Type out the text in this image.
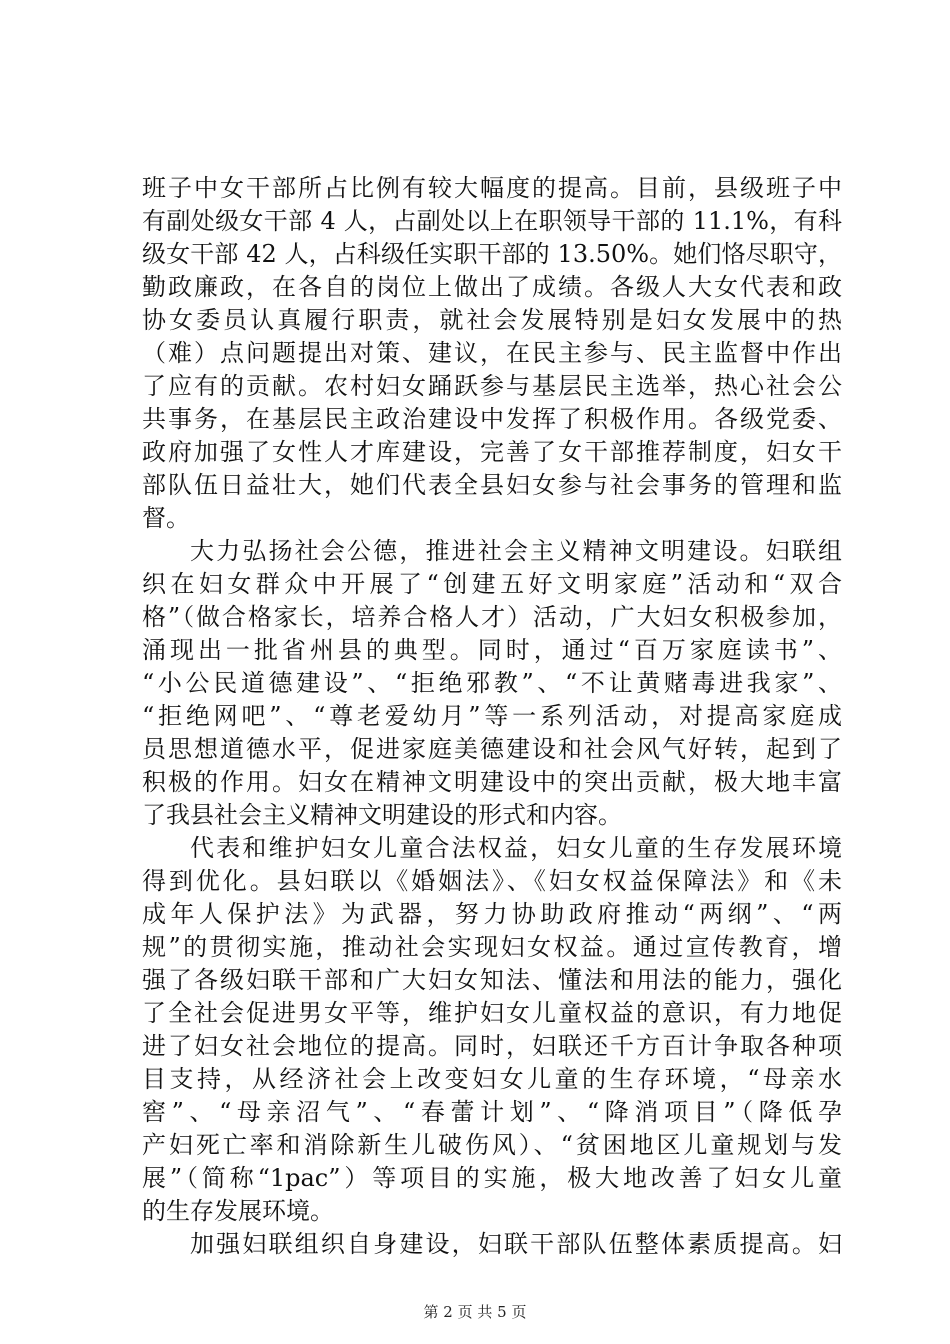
班子中女干部所占比例有较大幅度的提高。目前，县级班子中
有副处级女干部 4 人，占副处以上在职领导干部的 11.1%，有科
级女干部 42 人，占科级任实职干部的 13.50%。她们恪尽职守，
勤政廉政，在各自的岗位上做出了成绩。各级人大女代表和政
协女委员认真履行职责，就社会发展特别是妇女发展中的热
（难）点问题提出对策、建议，在民主参与、民主监督中作出
了应有的贡献。农村妇女踊跃参与基层民主选举，热心社会公
共事务，在基层民主政治建设中发挥了积极作用。各级党委、
政府加强了女性人才库建设，完善了女干部推荐制度，妇女干
部队伍日益壮大，她们代表全县妇女参与社会事务的管理和监
督。
大力弘扬社会公德，推进社会主义精神文明建设。妇联组
织在妇女群众中开展了“创建五好文明家庭”活动和“双合
格”（做合格家长，培养合格人才）活动，广大妇女积极参加，
涌现出一批省州县的典型。同时，通过“百万家庭读书”、
“小公民道德建设”、“拒绝邪教”、“不让黄赌毒进我家”、
“拒绝网吧”、“尊老爱幼月”等一系列活动，对提高家庭成
员思想道德水平，促进家庭美德建设和社会风气好转，起到了
积极的作用。妇女在精神文明建设中的突出贡献，极大地丰富
了我县社会主义精神文明建设的形式和内容。
代表和维护妇女儿童合法权益，妇女儿童的生存发展环境
得到优化。县妇联以《婚姻法》、《妇女权益保障法》和《未
成年人保护法》为武器，努力协助政府推动“两纲”、“两
规”的贯彻实施，推动社会实现妇女权益。通过宣传教育，增
强了各级妇联干部和广大妇女知法、懂法和用法的能力，强化
了全社会促进男女平等，维护妇女儿童权益的意识，有力地促
进了妇女社会地位的提高。同时，妇联还千方百计争取各种项
目支持，从经济社会上改变妇女儿童的生存环境，“母亲水
窖”、“母亲沼气”、“春蕾计划”、“降消项目”（降低孕
产妇死亡率和消除新生儿破伤风）、“贫困地区儿童规划与发
展”（简称“1pac”）等项目的实施，极大地改善了妇女儿童
的生存发展环境。
加强妇联组织自身建设，妇联干部队伍整体素质提高。妇
第 2 页 共 5 页
